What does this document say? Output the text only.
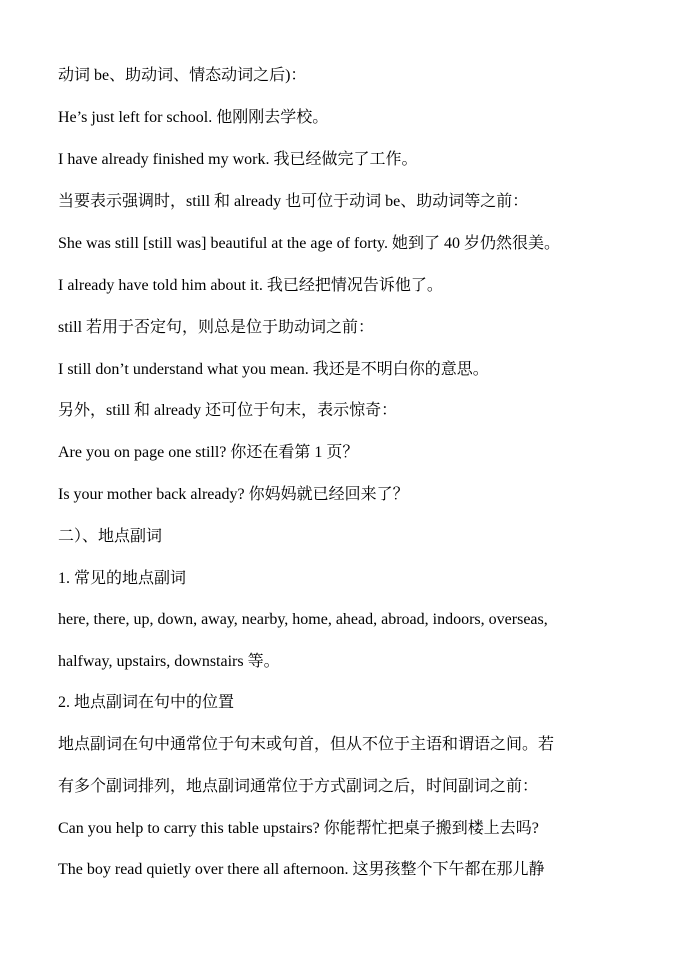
动词 be、助动词、情态动词之后)：
He’s just left for school. 他刚刚去学校。
I have already finished my work. 我已经做完了工作。
当要表示强调时，still 和 already 也可位于动词 be、助动词等之前：
She was still [still was] beautiful at the age of forty. 她到了 40 岁仍然很美。
I already have told him about it. 我已经把情况告诉他了。
still 若用于否定句，则总是位于助动词之前：
I still don’t understand what you mean. 我还是不明白你的意思。
另外，still 和 already 还可位于句末，表示惊奇：
Are you on page one still? 你还在看第 1 页？
Is your mother back already? 你妈妈就已经回来了？
二）、地点副词
1. 常见的地点副词
here, there, up, down, away, nearby, home, ahead, abroad, indoors, overseas,
halfway, upstairs, downstairs 等。
2. 地点副词在句中的位置
地点副词在句中通常位于句末或句首，但从不位于主语和谓语之间。若
有多个副词排列，地点副词通常位于方式副词之后，时间副词之前：
Can you help to carry this table upstairs? 你能帮忙把桌子搬到楼上去吗?
The boy read quietly over there all afternoon. 这男孩整个下午都在那儿静
